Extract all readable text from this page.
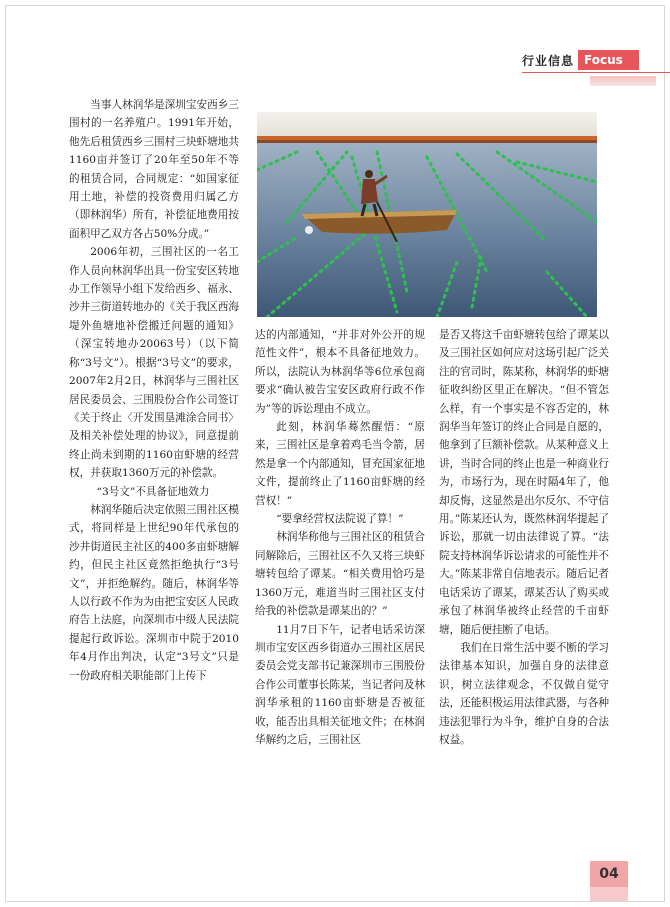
行业信息 Focus

当事人林润华是深圳宝安西乡三围村的一名养殖户。1991年开始，他先后租赁西乡三围村三块虾塘地共1160亩并签订了20年至50年不等的租赁合同，合同规定：“如国家征用土地，补偿的投资费用归属乙方（即林润华）所有，补偿征地费用按面积甲乙双方各占50%分成。”

2006年初，三围社区的一名工作人员向林润华出具一份宝安区转地办工作领导小组下发给西乡、福永、沙井三街道转地办的《关于我区西海堤外鱼塘地补偿搬迁问题的通知》（深宝转地办20063号）（以下简称“3号文”）。根据“3号文”的要求，2007年2月2日，林润华与三围社区居民委员会、三围股份合作公司签订《关于终止〈开发围垦滩涂合同书〉及相关补偿处理的协议》，同意提前终止尚未到期的1160亩虾塘的经营权，并获取1360万元的补偿款。

“3号文”不具备征地效力

林润华随后决定依照三围社区模式，将同样是上世纪90年代承包的沙井街道民主社区的400多亩虾塘解约，但民主社区竟然拒绝执行“3号文”，并拒绝解约。随后，林润华等人以行政不作为为由把宝安区人民政府告上法庭，向深圳市中级人民法院提起行政诉讼。深圳市中院于2010年4月作出判决，认定“3号文”只是一份政府相关职能部门上传下

达的内部通知，“并非对外公开的规范性文件”，根本不具备征地效力。所以，法院认为林润华等6位承包商要求“确认被告宝安区政府行政不作为”等的诉讼理由不成立。

此刻，林润华蓦然醒悟：“原来，三围社区是拿着鸡毛当令箭，居然是拿一个内部通知，冒充国家征地文件，提前终止了1160亩虾塘的经营权！”

“要拿经营权法院说了算！”

林润华称他与三围社区的租赁合同解除后，三围社区不久又将三块虾塘转包给了谭某。“相关费用恰巧是1360万元，难道当时三围社区支付给我的补偿款是谭某出的？”

11月7日下午，记者电话采访深圳市宝安区西乡街道办三围社区居民委员会党支部书记兼深圳市三围股份合作公司董事长陈某，当记者问及林润华承租的1160亩虾塘是否被征收，能否出具相关征地文件；在林润华解约之后，三围社区

是否又将这千亩虾塘转包给了谭某以及三围社区如何应对这场引起广泛关注的官司时，陈某称，林润华的虾塘征收纠纷区里正在解决。“但不管怎么样，有一个事实是不容否定的，林润华当年签订的终止合同是自愿的，他拿到了巨额补偿款。从某种意义上讲，当时合同的终止也是一种商业行为，市场行为，现在时隔4年了，他却反悔，这显然是出尔反尔、不守信用。”陈某还认为，既然林润华提起了诉讼，那就一切由法律说了算。“法院支持林润华诉讼请求的可能性并不大。”陈某非常自信地表示。随后记者电话采访了谭某，谭某否认了购买或承包了林润华被终止经营的千亩虾塘，随后便挂断了电话。

我们在日常生活中要不断的学习法律基本知识，加强自身的法律意识，树立法律观念，不仅做自觉守法，还能积极运用法律武器，与各种违法犯罪行为斗争，维护自身的合法权益。

04
